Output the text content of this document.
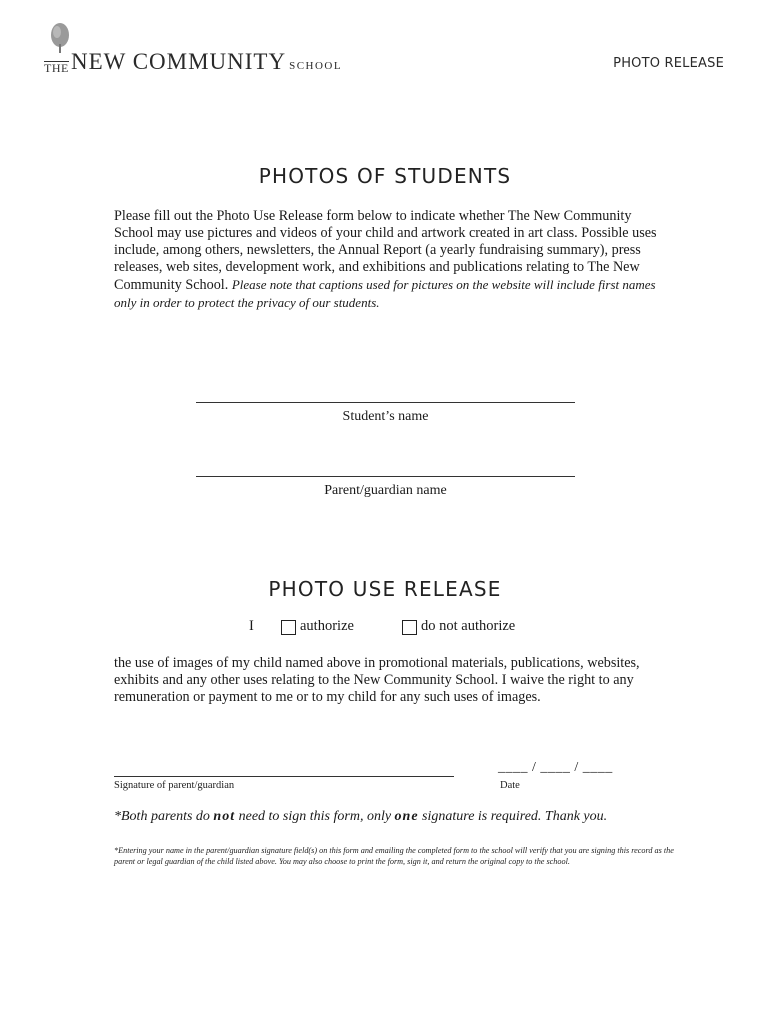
THE NEW COMMUNITY SCHOOL	PHOTO RELEASE
PHOTOS OF STUDENTS
Please fill out the Photo Use Release form below to indicate whether The New Community School may use pictures and videos of your child and artwork created in art class. Possible uses include, among others, newsletters, the Annual Report (a yearly fundraising summary), press releases, web sites, development work, and exhibitions and publications relating to The New Community School. Please note that captions used for pictures on the website will include first names only in order to protect the privacy of our students.
Student’s name
Parent/guardian name
PHOTO USE RELEASE
I	authorize	do not authorize
the use of images of my child named above in promotional materials, publications, websites, exhibits and any other uses relating to the New Community School. I waive the right to any remuneration or payment to me or to my child for any such uses of images.
Signature of parent/guardian
____ / ____ / ____
Date
*Both parents do not need to sign this form, only one signature is required. Thank you.
*Entering your name in the parent/guardian signature field(s) on this form and emailing the completed form to the school will verify that you are signing this record as the parent or legal guardian of the child listed above. You may also choose to print the form, sign it, and return the original copy to the school.
